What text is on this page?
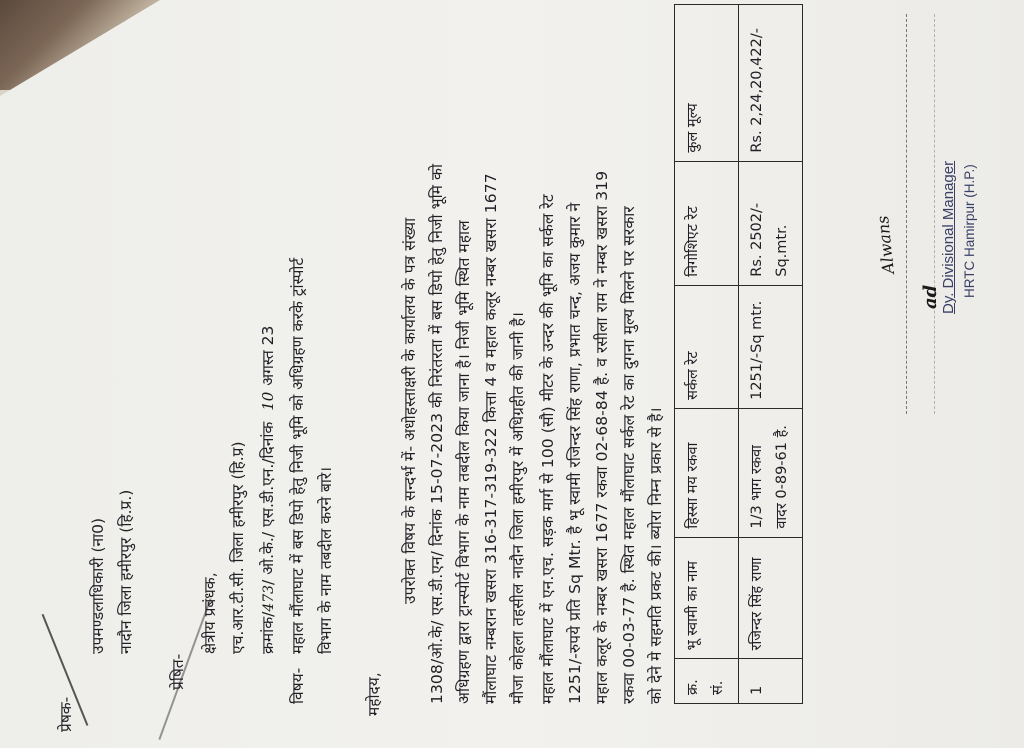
प्रेषक-
उपमण्डलाधिकारी (ना0) नादौन जिला हमीरपुर (हि.प्र.)
प्रेषित-
क्षेत्रीय प्रबंधक, एच.आर.टी.सी. जिला हमीरपुर (हि.प्र) क्रमांक/473/ ओ.के./ एस.डी.एन./दिनांक 10अगस्त 23
विषय-
महाल मौंलाघाट में बस डिपो हेतु निजी भूमि को अधिग्रहण करके ट्रांस्पोर्ट विभाग के नाम तबदील करने बारे।
महोदय,
उपरोक्त विषय के सन्दर्भ में- अधोहस्ताक्षरी के कार्यालय के पत्र संख्या 1308/ओ.के/ एस.डी.एन/ दिनांक 15-07-2023 की निरंतरता में बस डिपो हेतु निजी भूमि को अधिग्रहण द्वारा ट्रान्स्पोर्ट विभाग के नाम तबदील किया जाना है। निजी भूमि स्थित महाल मौंलाघाट नम्बरान खसरा 316-317-319-322 कित्ता 4 व महाल कलूर नम्बर खसरा 1677 मौजा कोहला तहसील नादौन जिला हमीरपुर में अधिग्रहीत की जानी है। महाल मौंलाघाट में एन.एच. सड़क मार्ग से 100 (सौ) मीटर के उन्दर की भूमि का सर्कल रेट 1251/-रुपये प्रति Sq Mtr. है भू स्वामी रजिन्दर सिंह राणा, प्रभात चन्द, अजय कुमार ने महाल कलूर के नम्बर खसरा 1677 रकवा 02-68-84 है. व रसीला राम ने नम्बर खसरा 319 रकवा 00-03-77 है. स्थित महाल मौंलाघाट सर्कल रेट का दुगना मुल्य मिलने पर सरकार को देने मे सहमति प्रकट की। ब्योरा निम्न प्रकार से है। क्र. सं.	भू स्वामी का नाम	हिस्सा मय रकवा	सर्कल रेट	निगोशिएट रेट	कुल मूल्य
1	रजिन्दर सिंह राणा	1/3 भाग रकवा वादर 0-89-61 है.	1251/-Sq mtr.	Rs. 2502/- Sq.mtr.	Rs. 2,24,20,422/-
Alwans
ad Dy. Divisional Manager HRTC Hamirpur (H.P.)
